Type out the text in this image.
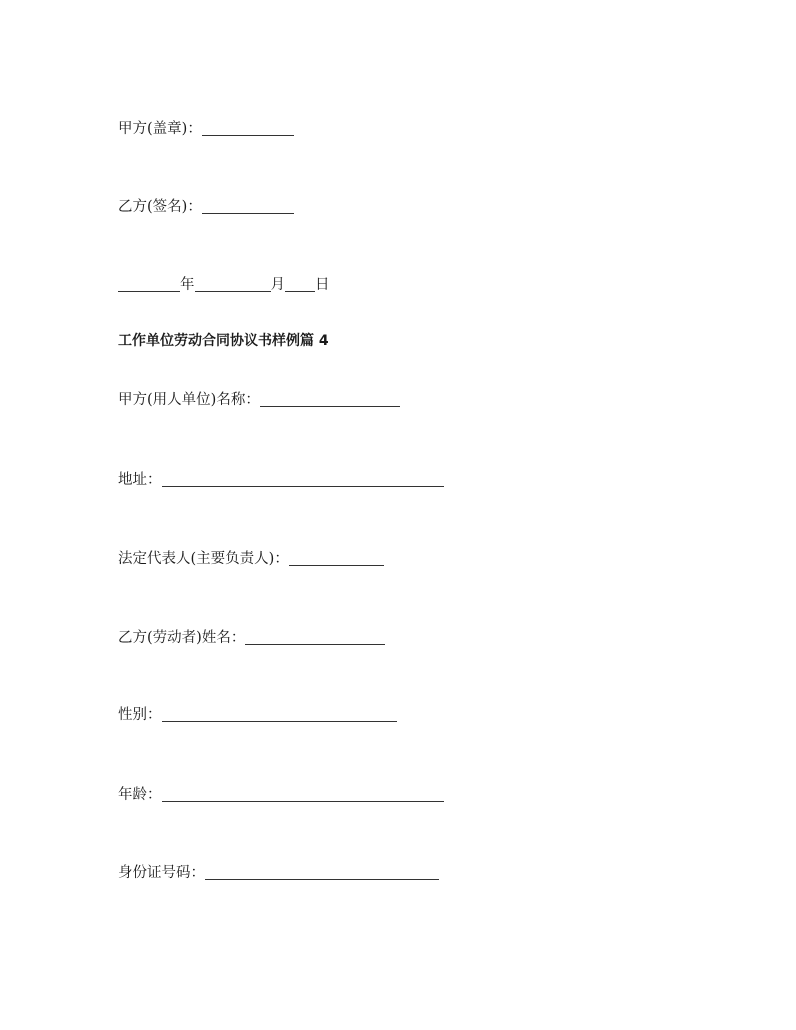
甲方(盖章)：
乙方(签名)：
年	月 日
工作单位劳动合同协议书样例篇 4
甲方(用人单位)名称：
地址：
法定代表人(主要负责人)：
乙方(劳动者)姓名：
性别：
年龄：
身份证号码：
